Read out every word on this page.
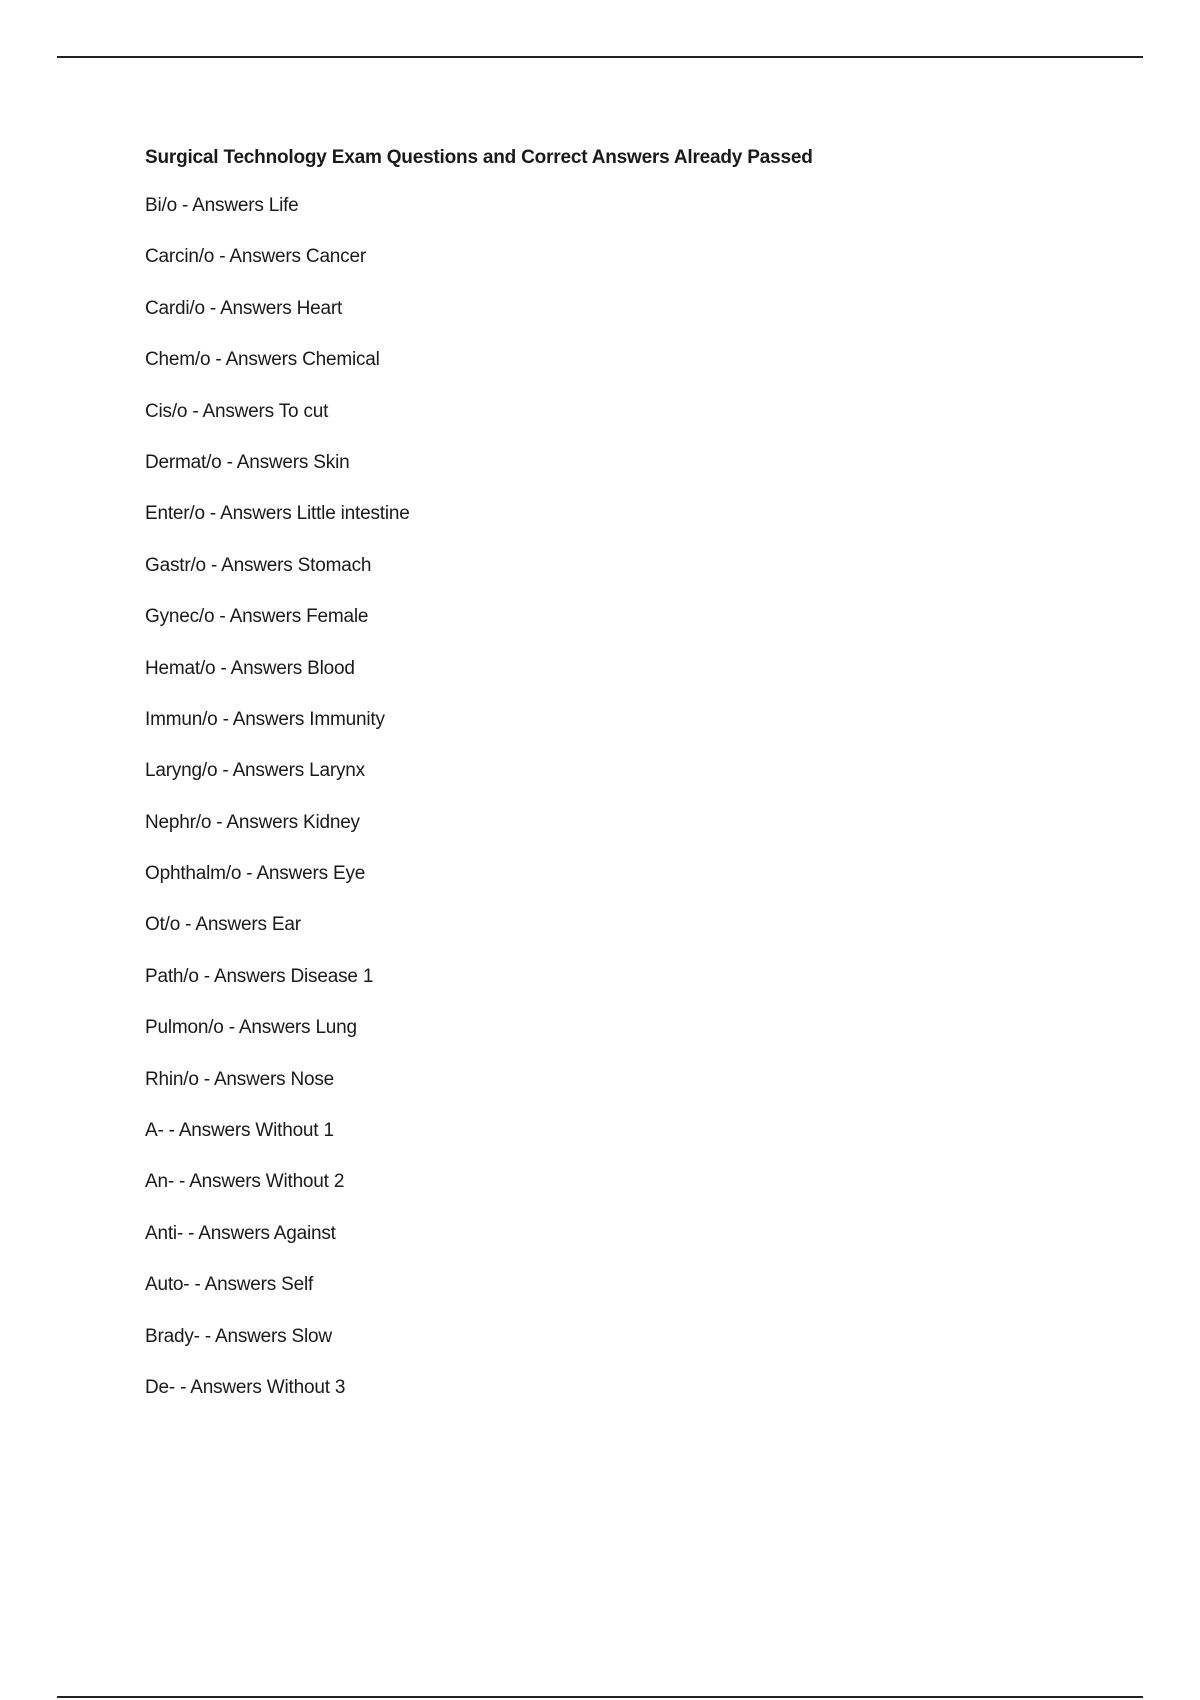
Surgical Technology Exam Questions and Correct Answers Already Passed
Bi/o - Answers Life
Carcin/o - Answers Cancer
Cardi/o - Answers Heart
Chem/o - Answers Chemical
Cis/o - Answers To cut
Dermat/o - Answers Skin
Enter/o - Answers Little intestine
Gastr/o - Answers Stomach
Gynec/o - Answers Female
Hemat/o - Answers Blood
Immun/o - Answers Immunity
Laryng/o - Answers Larynx
Nephr/o - Answers Kidney
Ophthalm/o - Answers Eye
Ot/o - Answers Ear
Path/o - Answers Disease 1
Pulmon/o - Answers Lung
Rhin/o - Answers Nose
A- - Answers Without 1
An- - Answers Without 2
Anti- - Answers Against
Auto- - Answers Self
Brady- - Answers Slow
De- - Answers Without 3
